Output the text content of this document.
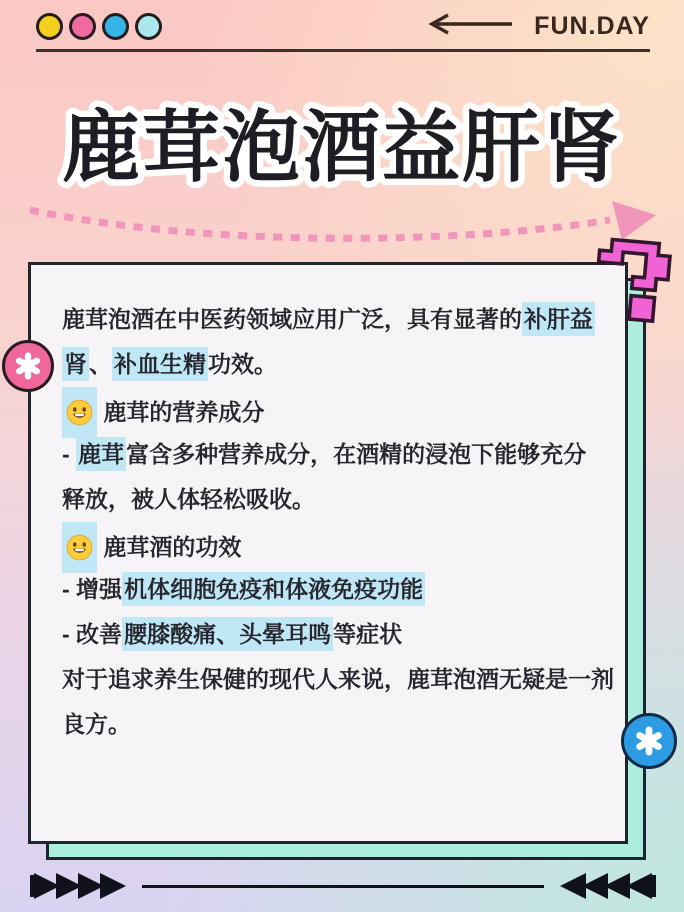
FUN.DAY
鹿茸泡酒益肝肾
鹿茸泡酒在中医药领域应用广泛，具有显著的补肝益
肾、补血生精功效。
鹿茸的营养成分
- 鹿茸富含多种营养成分，在酒精的浸泡下能够充分
释放，被人体轻松吸收。
鹿茸酒的功效
- 增强机体细胞免疫和体液免疫功能
- 改善腰膝酸痛、头晕耳鸣等症状
对于追求养生保健的现代人来说，鹿茸泡酒无疑是一剂
良方。
